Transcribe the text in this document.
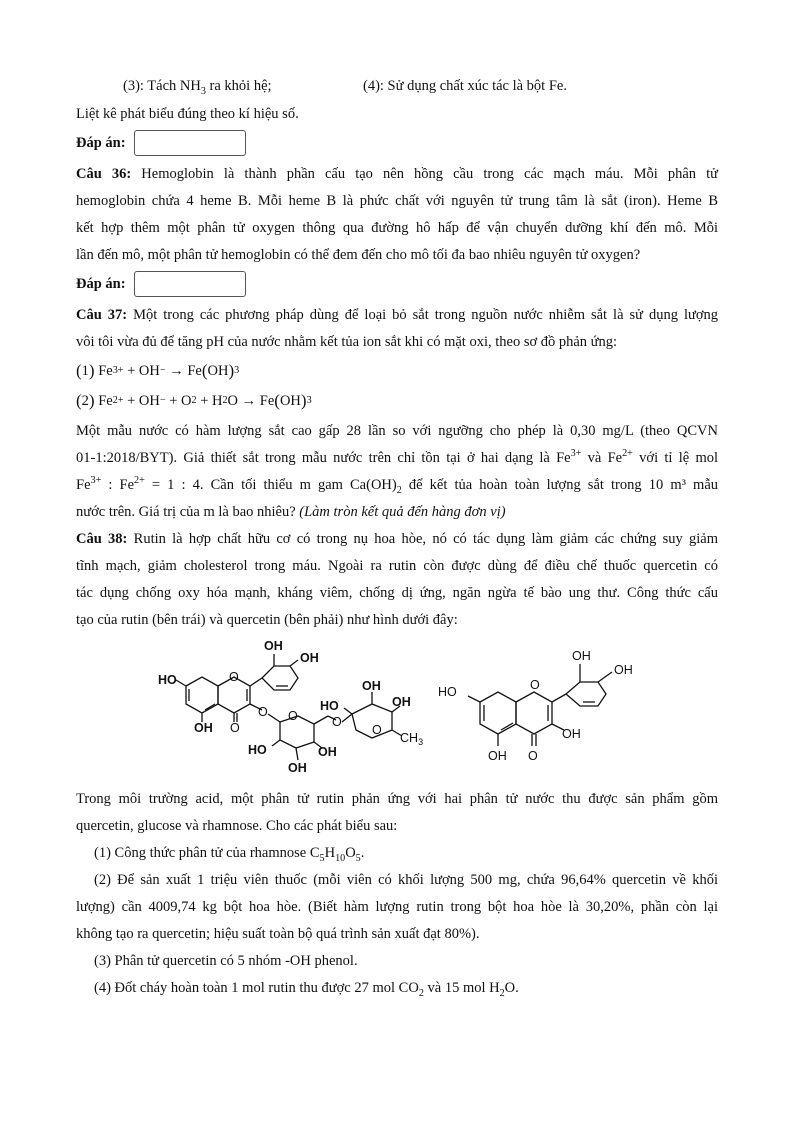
(3): Tách $NH_3$ ra khỏi hệ;	(4): Sử dụng chất xúc tác là bột Fe.
Liệt kê phát biểu đúng theo kí hiệu số.
Đáp án:
Câu 36: Hemoglobin là thành phần cấu tạo nên hồng cầu trong các mạch máu. Mỗi phân tử
hemoglobin chứa 4 heme B. Mỗi heme B là phức chất với nguyên tử trung tâm là sắt (iron). Heme B
kết hợp thêm một phân tử oxygen thông qua đường hô hấp để vận chuyển dưỡng khí đến mô. Mỗi
lần đến mô, một phân tử hemoglobin có thể đem đến cho mô tối đa bao nhiêu nguyên tử oxygen?
Đáp án:
Câu 37: Một trong các phương pháp dùng để loại bỏ sắt trong nguồn nước nhiễm sắt là sử dụng lượng
vôi tôi vừa đủ để tăng pH của nước nhằm kết tủa ion sắt khi có mặt oxi, theo sơ đồ phản ứng:
( 1 ) Fe 3+ + OH − → Fe ( OH ) 3
( 2 ) Fe 2+ + OH − + O 2 + H 2 O → Fe ( OH ) 3
Một mẫu nước có hàm lượng sắt cao gấp 28 lần so với ngưỡng cho phép là 0,30 mg/L (theo QCVN
01-1:2018/BYT). Giả thiết sắt trong mẫu nước trên chỉ tồn tại ở hai dạng là $Fe^{3+}$ và $Fe^{2+}$ với tỉ lệ mol
$Fe^{3+}$ : $Fe^{2+} = 1$ : 4. Cần tối thiểu m gam $Ca(OH)_2$ để kết tủa hoàn toàn lượng sắt trong 10 m³ mẫu
nước trên. Giá trị của m là bao nhiêu? (Làm tròn kết quả đến hàng đơn vị)
Câu 38: Rutin là hợp chất hữu cơ có trong nụ hoa hòe, nó có tác dụng làm giảm các chứng suy giảm
tĩnh mạch, giảm cholesterol trong máu. Ngoài ra rutin còn được dùng để điều chế thuốc quercetin có
tác dụng chống oxy hóa mạnh, kháng viêm, chống dị ứng, ngăn ngừa tế bào ung thư. Công thức cấu
tạo của rutin (bên trái) và quercetin (bên phải) như hình dưới đây:
HO
OH O
O
OH
OH
O O
HO
OH
OH
O
OH
HO	OH
O
$CH_3$
HO
OH O
O
OH
OH
OH
Trong môi trường acid, một phân tử rutin phản ứng với hai phân tử nước thu được sản phẩm gồm
quercetin, glucose và rhamnose. Cho các phát biểu sau:
(1) Công thức phân tử của rhamnose $C_5H_{10}O_5$.
(2) Để sản xuất 1 triệu viên thuốc (mỗi viên có khối lượng 500 mg, chứa 96,64% quercetin về khối
lượng) cần 4009,74 kg bột hoa hòe. (Biết hàm lượng rutin trong bột hoa hòe là 30,20%, phần còn lại
không tạo ra quercetin; hiệu suất toàn bộ quá trình sản xuất đạt 80%).
(3) Phân tử quercetin có 5 nhóm -OH phenol.
(4) Đốt cháy hoàn toàn 1 mol rutin thu được 27 mol $CO_2$ và 15 mol $H_2O$.
